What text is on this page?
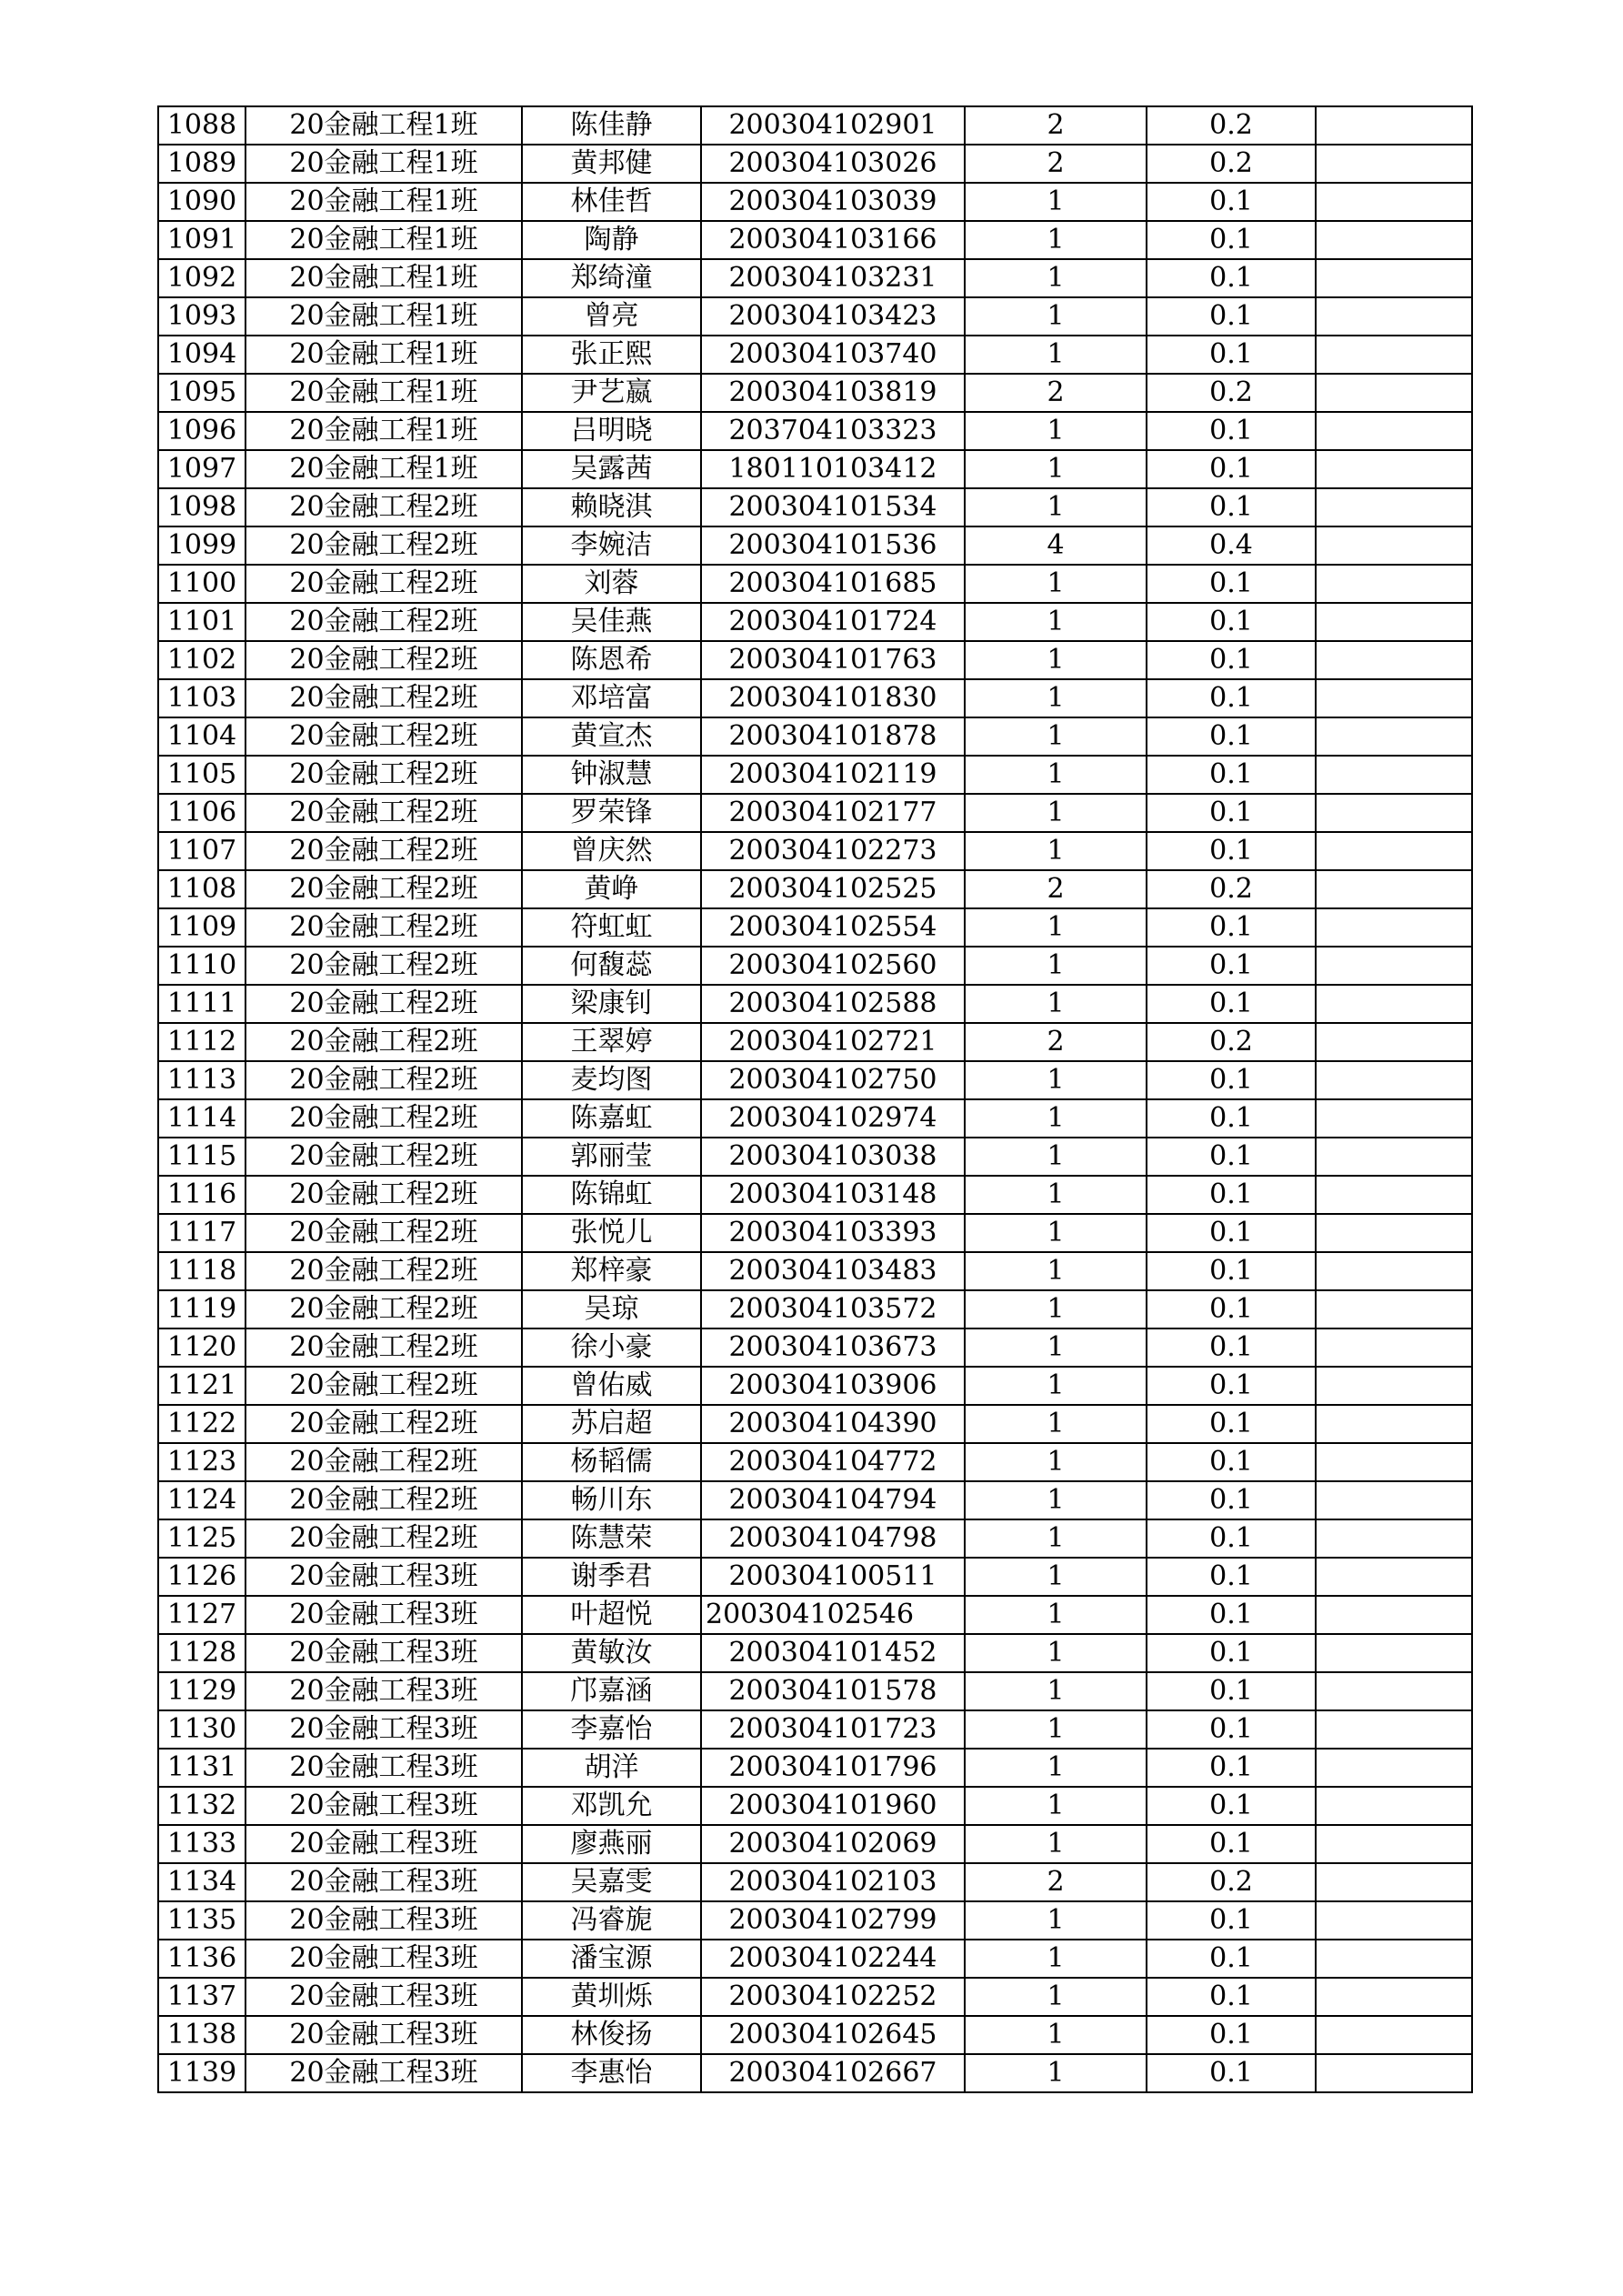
1088	20金融工程1班	陈佳静	200304102901	2	0.2	
1089	20金融工程1班	黄邦健	200304103026	2	0.2	
1090	20金融工程1班	林佳哲	200304103039	1	0.1	
1091	20金融工程1班	陶静	200304103166	1	0.1	
1092	20金融工程1班	郑绮潼	200304103231	1	0.1	
1093	20金融工程1班	曾亮	200304103423	1	0.1	
1094	20金融工程1班	张正熙	200304103740	1	0.1	
1095	20金融工程1班	尹艺嬴	200304103819	2	0.2	
1096	20金融工程1班	吕明晓	203704103323	1	0.1	
1097	20金融工程1班	吴露茜	180110103412	1	0.1	
1098	20金融工程2班	赖晓淇	200304101534	1	0.1	
1099	20金融工程2班	李婉洁	200304101536	4	0.4	
1100	20金融工程2班	刘蓉	200304101685	1	0.1	
1101	20金融工程2班	吴佳燕	200304101724	1	0.1	
1102	20金融工程2班	陈恩希	200304101763	1	0.1	
1103	20金融工程2班	邓培富	200304101830	1	0.1	
1104	20金融工程2班	黄宣杰	200304101878	1	0.1	
1105	20金融工程2班	钟淑慧	200304102119	1	0.1	
1106	20金融工程2班	罗荣锋	200304102177	1	0.1	
1107	20金融工程2班	曾庆然	200304102273	1	0.1	
1108	20金融工程2班	黄峥	200304102525	2	0.2	
1109	20金融工程2班	符虹虹	200304102554	1	0.1	
1110	20金融工程2班	何馥蕊	200304102560	1	0.1	
1111	20金融工程2班	梁康钊	200304102588	1	0.1	
1112	20金融工程2班	王翠婷	200304102721	2	0.2	
1113	20金融工程2班	麦均图	200304102750	1	0.1	
1114	20金融工程2班	陈嘉虹	200304102974	1	0.1	
1115	20金融工程2班	郭丽莹	200304103038	1	0.1	
1116	20金融工程2班	陈锦虹	200304103148	1	0.1	
1117	20金融工程2班	张悦儿	200304103393	1	0.1	
1118	20金融工程2班	郑梓豪	200304103483	1	0.1	
1119	20金融工程2班	吴琼	200304103572	1	0.1	
1120	20金融工程2班	徐小豪	200304103673	1	0.1	
1121	20金融工程2班	曾佑威	200304103906	1	0.1	
1122	20金融工程2班	苏启超	200304104390	1	0.1	
1123	20金融工程2班	杨韬儒	200304104772	1	0.1	
1124	20金融工程2班	畅川东	200304104794	1	0.1	
1125	20金融工程2班	陈慧荣	200304104798	1	0.1	
1126	20金融工程3班	谢季君	200304100511	1	0.1	
1127	20金融工程3班	叶超悦	200304102546	1	0.1	
1128	20金融工程3班	黄敏汝	200304101452	1	0.1	
1129	20金融工程3班	邝嘉涵	200304101578	1	0.1	
1130	20金融工程3班	李嘉怡	200304101723	1	0.1	
1131	20金融工程3班	胡洋	200304101796	1	0.1	
1132	20金融工程3班	邓凯允	200304101960	1	0.1	
1133	20金融工程3班	廖燕丽	200304102069	1	0.1	
1134	20金融工程3班	吴嘉雯	200304102103	2	0.2	
1135	20金融工程3班	冯睿旎	200304102799	1	0.1	
1136	20金融工程3班	潘宝源	200304102244	1	0.1	
1137	20金融工程3班	黄圳烁	200304102252	1	0.1	
1138	20金融工程3班	林俊扬	200304102645	1	0.1	
1139	20金融工程3班	李惠怡	200304102667	1	0.1	
